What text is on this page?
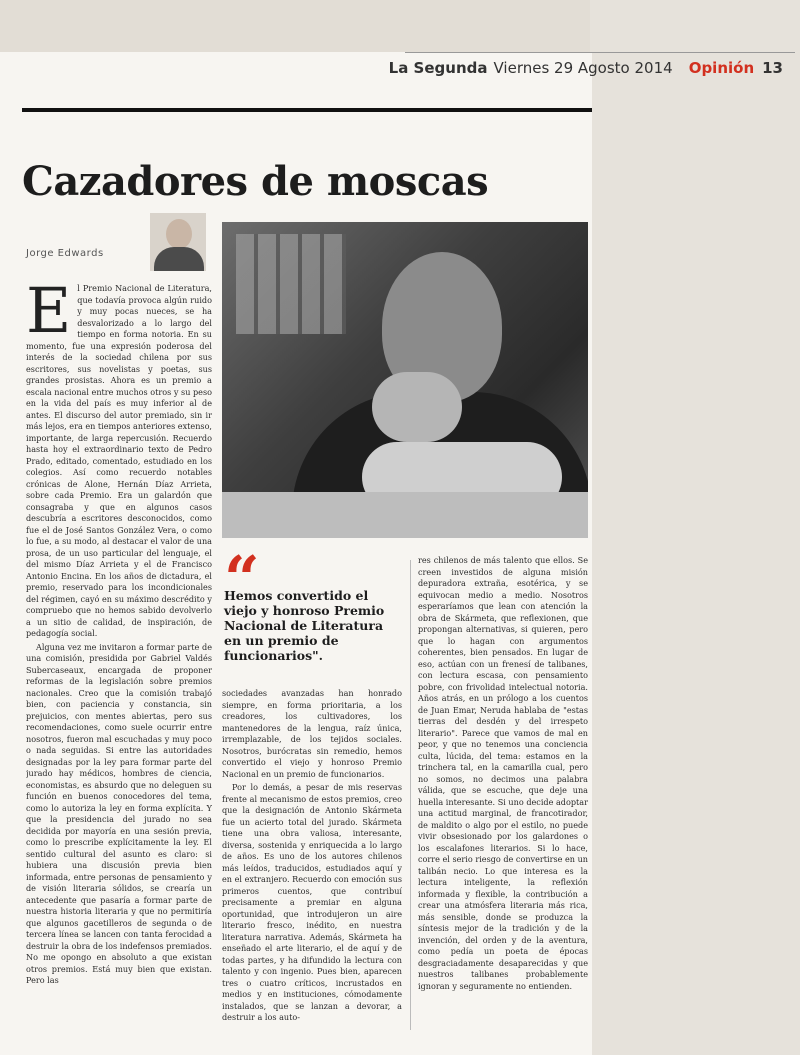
La Segunda Viernes 29 Agosto 2014 Opinión 13
Cazadores de moscas
Jorge Edwards
E l Premio Nacional de Literatura, que todavía provoca algún ruido y muy pocas nueces, se ha desvalorizado a lo largo del tiempo en forma notoria. En su momento, fue una expresión poderosa del interés de la sociedad chilena por sus escritores, sus novelistas y poetas, sus grandes prosistas. Ahora es un premio a escala nacional entre muchos otros y su peso en la vida del país es muy inferior al de antes. El discurso del autor premiado, sin ir más lejos, era en tiempos anteriores extenso, importante, de larga repercusión. Recuerdo hasta hoy el extraordinario texto de Pedro Prado, editado, comentado, estudiado en los colegios. Así como recuerdo notables crónicas de Alone, Hernán Díaz Arrieta, sobre cada Premio. Era un galardón que consagraba y que en algunos casos descubría a escritores desconocidos, como fue el de José Santos González Vera, o como lo fue, a su modo, al destacar el valor de una prosa, de un uso particular del lenguaje, el del mismo Díaz Arrieta y el de Francisco Antonio Encina. En los años de dictadura, el premio, reservado para los incondicionales del régimen, cayó en su máximo descrédito y compruebo que no hemos sabido devolverlo a un sitio de calidad, de inspiración, de pedagogía social.

Alguna vez me invitaron a formar parte de una comisión, presidida por Gabriel Valdés Subercaseaux, encargada de proponer reformas de la legislación sobre premios nacionales. Creo que la comisión trabajó bien, con paciencia y constancia, sin prejuicios, con mentes abiertas, pero sus recomendaciones, como suele ocurrir entre nosotros, fueron mal escuchadas y muy poco o nada seguidas. Si entre las autoridades designadas por la ley para formar parte del jurado hay médicos, hombres de ciencia, economistas, es absurdo que no deleguen su función en buenos conocedores del tema, como lo autoriza la ley en forma explícita. Y que la presidencia del jurado no sea decidida por mayoría en una sesión previa, como lo prescribe explícitamente la ley. El sentido cultural del asunto es claro: si hubiera una discusión previa bien informada, entre personas de pensamiento y de visión literaria sólidos, se crearía un antecedente que pasaría a formar parte de nuestra historia literaria y que no permitiría que algunos gacetilleros de segunda o de tercera línea se lancen con tanta ferocidad a destruir la obra de los indefensos premiados. No me opongo en absoluto a que existan otros premios. Está muy bien que existan. Pero las

“
Hemos convertido el viejo y honroso Premio Nacional de Literatura en un premio de funcionarios".

sociedades avanzadas han honrado siempre, en forma prioritaria, a los creadores, los cultivadores, los mantenedores de la lengua, raíz única, irremplazable, de los tejidos sociales. Nosotros, burócratas sin remedio, hemos convertido el viejo y honroso Premio Nacional en un premio de funcionarios.

Por lo demás, a pesar de mis reservas frente al mecanismo de estos premios, creo que la designación de Antonio Skármeta fue un acierto total del jurado. Skármeta tiene una obra valiosa, interesante, diversa, sostenida y enriquecida a lo largo de años. Es uno de los autores chilenos más leídos, traducidos, estudiados aquí y en el extranjero. Recuerdo con emoción sus primeros cuentos, que contribuí precisamente a premiar en alguna oportunidad, que introdujeron un aire literario fresco, inédito, en nuestra literatura narrativa. Además, Skármeta ha enseñado el arte literario, el de aquí y de todas partes, y ha difundido la lectura con talento y con ingenio. Pues bien, aparecen tres o cuatro críticos, incrustados en medios y en instituciones, cómodamente instalados, que se lanzan a devorar, a destruir a los auto-

res chilenos de más talento que ellos. Se creen investidos de alguna misión depuradora extraña, esotérica, y se equivocan medio a medio. Nosotros esperaríamos que lean con atención la obra de Skármeta, que reflexionen, que propongan alternativas, si quieren, pero que lo hagan con argumentos coherentes, bien pensados. En lugar de eso, actúan con un frenesí de talibanes, con lectura escasa, con pensamiento pobre, con frivolidad intelectual notoria. Años atrás, en un prólogo a los cuentos de Juan Emar, Neruda hablaba de "estas tierras del desdén y del irrespeto literario". Parece que vamos de mal en peor, y que no tenemos una conciencia culta, lúcida, del tema: estamos en la trinchera tal, en la camarilla cual, pero no somos, no decimos una palabra válida, que se escuche, que deje una huella interesante. Si uno decide adoptar una actitud marginal, de francotirador, de maldito o algo por el estilo, no puede vivir obsesionado por los galardones o los escalafones literarios. Si lo hace, corre el serio riesgo de convertirse en un talibán necio. Lo que interesa es la lectura inteligente, la reflexión informada y flexible, la contribución a crear una atmósfera literaria más rica, más sensible, donde se produzca la síntesis mejor de la tradición y de la invención, del orden y de la aventura, como pedía un poeta de épocas desgraciadamente desaparecidas y que nuestros talibanes probablemente ignoran y seguramente no entienden.
